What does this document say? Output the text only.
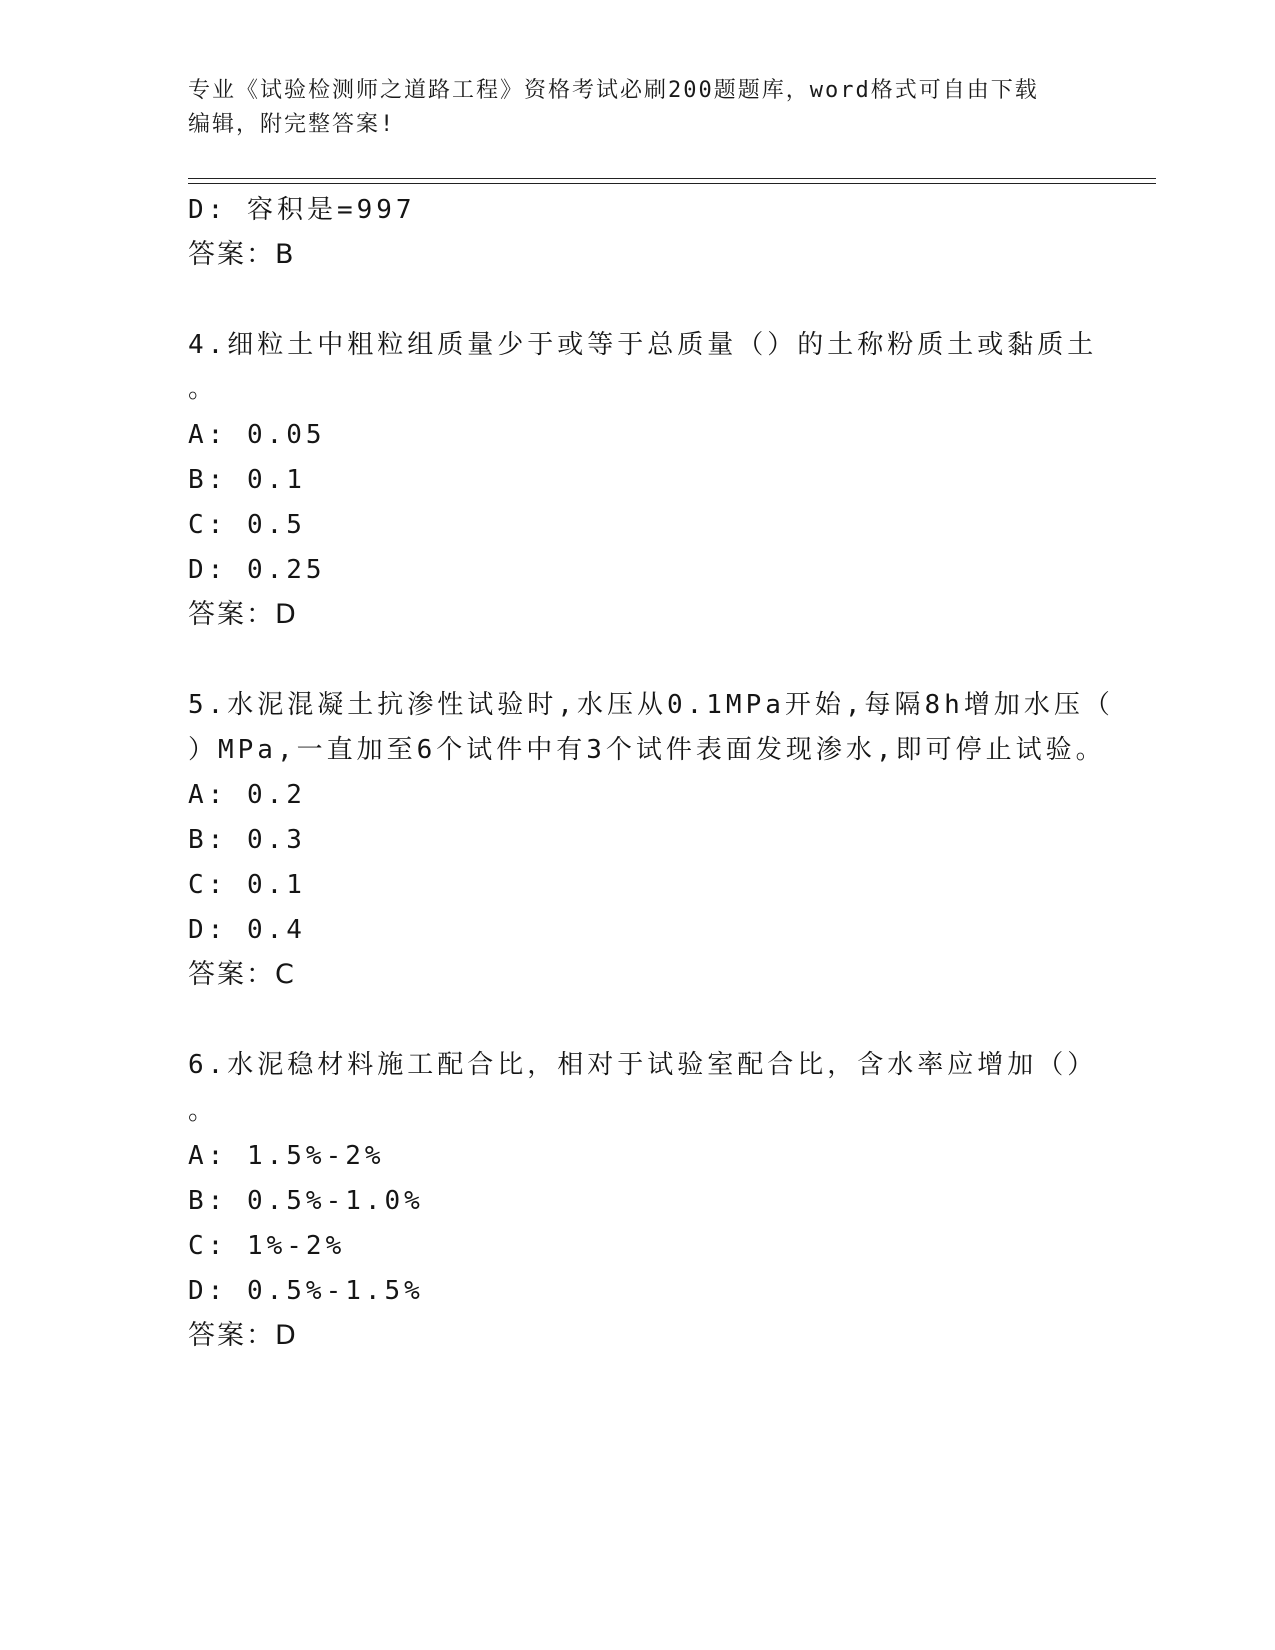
专业《试验检测师之道路工程》资格考试必刷200题题库，word格式可自由下载
编辑，附完整答案!
D: 容积是=997
答案：B
4.细粒土中粗粒组质量少于或等于总质量（）的土称粉质土或黏质土
。
A: 0.05
B: 0.1
C: 0.5
D: 0.25
答案：D
5.水泥混凝土抗渗性试验时,水压从0.1MPa开始,每隔8h增加水压（
）MPa,一直加至6个试件中有3个试件表面发现渗水,即可停止试验。
A: 0.2
B: 0.3
C: 0.1
D: 0.4
答案：C
6.水泥稳材料施工配合比，相对于试验室配合比，含水率应增加（）
。
A: 1.5%-2%
B: 0.5%-1.0%
C: 1%-2%
D: 0.5%-1.5%
答案：D
